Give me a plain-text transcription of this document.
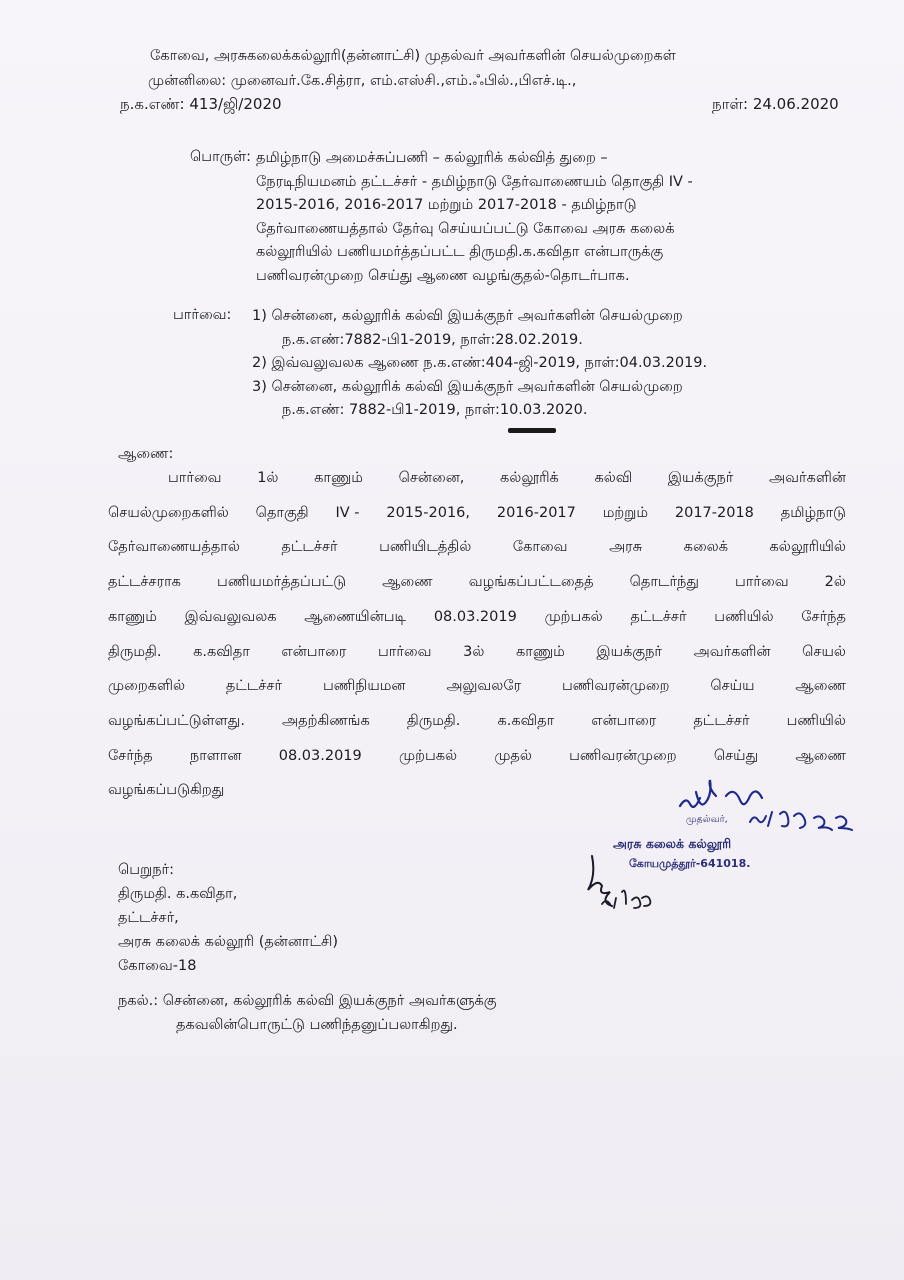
கோவை, அரசுகலைக்கல்லூரி(தன்னாட்சி) முதல்வர் அவர்களின் செயல்முறைகள்
முன்னிலை: முனைவர்.கே.சித்ரா, எம்.எஸ்சி.,எம்.ஃபில்.,பிஎச்.டி.,
ந.க.எண்: 413/ஜி/2020	நாள்: 24.06.2020
பொருள்: தமிழ்நாடு அமைச்சுப்பணி – கல்லூரிக் கல்வித் துறை –
நேரடிநியமனம் தட்டச்சர் - தமிழ்நாடு தேர்வாணையம் தொகுதி IV -
2015-2016, 2016-2017 மற்றும் 2017-2018 - தமிழ்நாடு
தேர்வாணையத்தால் தேர்வு செய்யப்பட்டு கோவை அரசு கலைக்
கல்லூரியில் பணியமர்த்தப்பட்ட திருமதி.க.கவிதா என்பாருக்கு
பணிவரன்முறை செய்து ஆணை வழங்குதல்-தொடர்பாக.
பார்வை: 1) சென்னை, கல்லூரிக் கல்வி இயக்குநர் அவர்களின் செயல்முறை
ந.க.எண்:7882-பி1-2019, நாள்:28.02.2019.
2) இவ்வலுவலக ஆணை ந.க.எண்:404-ஜி-2019, நாள்:04.03.2019.
3) சென்னை, கல்லூரிக் கல்வி இயக்குநர் அவர்களின் செயல்முறை
ந.க.எண்: 7882-பி1-2019, நாள்:10.03.2020.
ஆணை:
பார்வை 1ல் காணும் சென்னை, கல்லூரிக் கல்வி இயக்குநர் அவர்களின்
செயல்முறைகளில் தொகுதி IV - 2015-2016, 2016-2017 மற்றும் 2017-2018 தமிழ்நாடு
தேர்வாணையத்தால்	தட்டச்சர்	பணியிடத்தில்	கோவை	அரசு	கலைக்	கல்லூரியில்
தட்டச்சராக பணியமர்த்தப்பட்டு ஆணை வழங்கப்பட்டதைத் தொடர்ந்து பார்வை 2ல்
காணும் இவ்வலுவலக ஆணையின்படி 08.03.2019 முற்பகல் தட்டச்சர் பணியில் சேர்ந்த
திருமதி. க.கவிதா என்பாரை பார்வை 3ல் காணும் இயக்குநர் அவர்களின் செயல்
முறைகளில்	தட்டச்சர்	பணிநியமன	அலுவலரே	பணிவரன்முறை	செய்ய	ஆணை
வழங்கப்பட்டுள்ளது.	அதற்கிணங்க	திருமதி.	க.கவிதா	என்பாரை	தட்டச்சர்	பணியில்
சேர்ந்த	நாளான	08.03.2019	முற்பகல்	முதல்	பணிவரன்முறை	செய்து	ஆணை
வழங்கப்படுகிறது
முதல்வர்,
அரசு கலைக் கல்லூரி
கோயமுத்தூர்-641018.
பெறுநர்:
திருமதி. க.கவிதா,
தட்டச்சர்,
அரசு கலைக் கல்லூரி (தன்னாட்சி)
கோவை-18
நகல்.: சென்னை, கல்லூரிக் கல்வி இயக்குநர் அவர்களுக்கு
தகவலின்பொருட்டு பணிந்தனுப்பலாகிறது.
